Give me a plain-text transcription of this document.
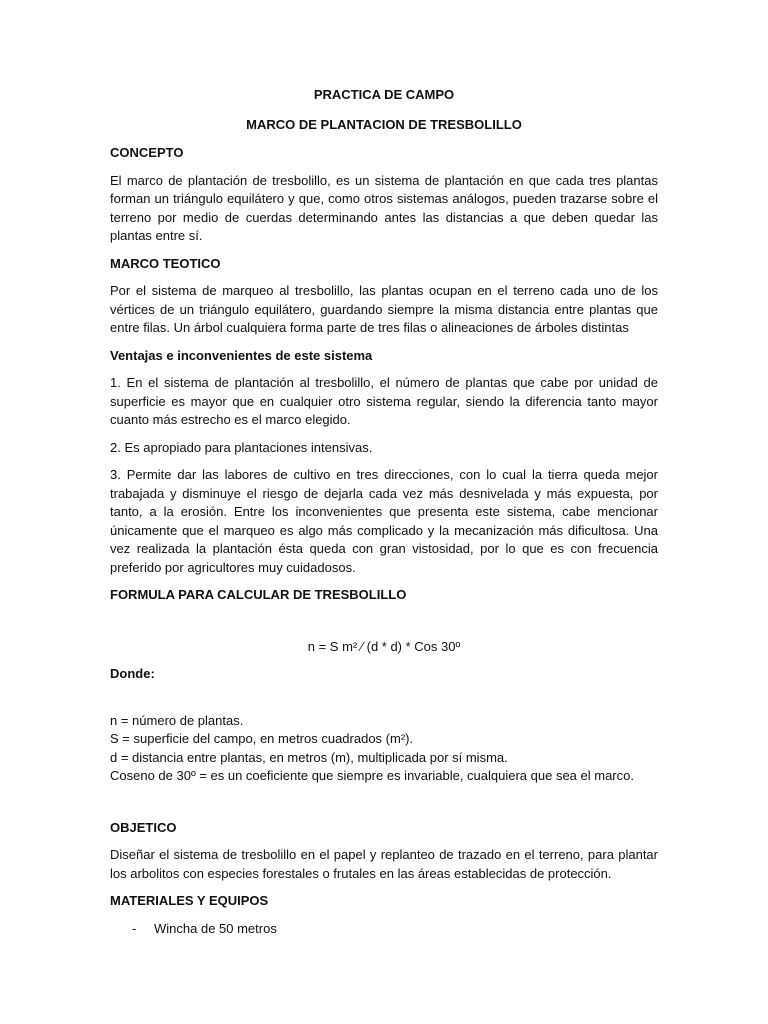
PRACTICA DE CAMPO
MARCO DE PLANTACION DE TRESBOLILLO
CONCEPTO

El marco de plantación de tresbolillo, es un sistema de plantación en que cada tres plantas forman un triángulo equilátero y que, como otros sistemas análogos, pueden trazarse sobre el terreno por medio de cuerdas determinando antes las distancias a que deben quedar las plantas entre sí.

MARCO TEOTICO

Por el sistema de marqueo al tresbolillo, las plantas ocupan en el terreno cada uno de los vértices de un triángulo equilátero, guardando siempre la misma distancia entre plantas que entre filas. Un árbol cualquiera forma parte de tres filas o alineaciones de árboles distintas

Ventajas e inconvenientes de este sistema

1. En el sistema de plantación al tresbolillo, el número de plantas que cabe por unidad de superficie es mayor que en cualquier otro sistema regular, siendo la diferencia tanto mayor cuanto más estrecho es el marco elegido.

2. Es apropiado para plantaciones intensivas.

3. Permite dar las labores de cultivo en tres direcciones, con lo cual la tierra queda mejor trabajada y disminuye el riesgo de dejarla cada vez más desnivelada y más expuesta, por tanto, a la erosión. Entre los inconvenientes que presenta este sistema, cabe mencionar únicamente que el marqueo es algo más complicado y la mecanización más dificultosa. Una vez realizada la plantación ésta queda con gran vistosidad, por lo que es con frecuencia preferido por agricultores muy cuidadosos.

FORMULA PARA CALCULAR DE TRESBOLILLO
n = S m² ⁄ (d * d) * Cos 30º
Donde:
n = número de plantas.
S = superficie del campo, en metros cuadrados (m²).
d = distancia entre plantas, en metros (m), multiplicada por sí misma.
Coseno de 30º = es un coeficiente que siempre es invariable, cualquiera que sea el marco.
OBJETICO

Diseñar el sistema de tresbolillo en el papel y replanteo de trazado en el terreno, para plantar los arbolitos con especies forestales o frutales en las áreas establecidas de protección.

MATERIALES Y EQUIPOS
-	Wincha de 50 metros
